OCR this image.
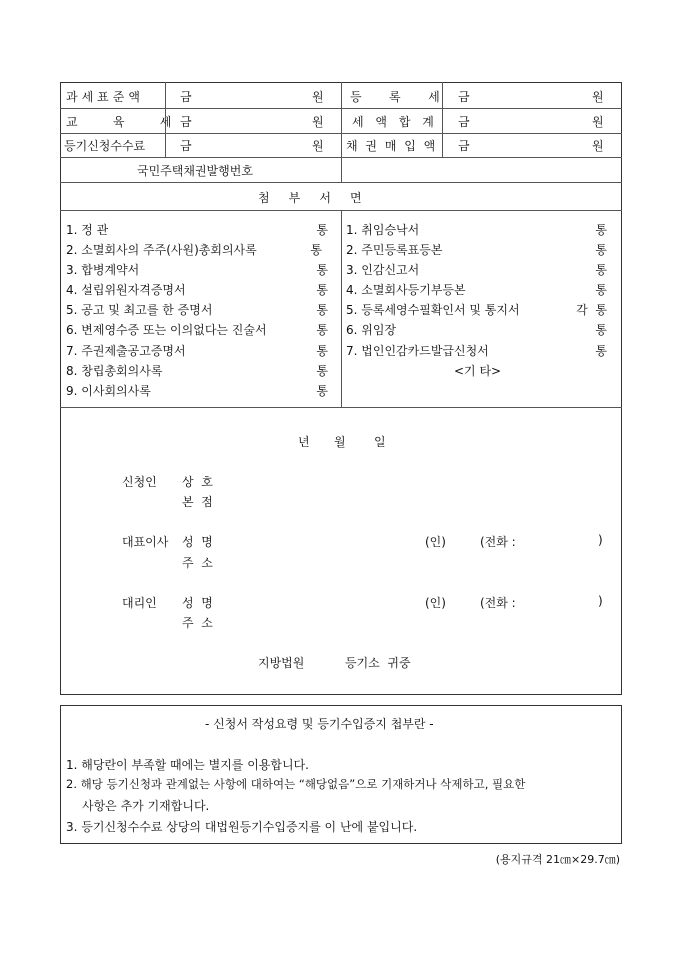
과세표준액	금	원 등   록   세 금	원
교    육    세 금	원 세 액 합 계 금	원
등기신청수수료	금	원 채 권 매 입 액 금	원
국민주택채권발행번호
첨     부     서     면
1. 정 관	통
2. 소멸회사의 주주(사원)총회의사록	통
3. 합병계약서	통
4. 설립위원자격증명서	통
5. 공고 및 최고를 한 증명서	통
6. 변제영수증 또는 이의없다는 진술서	통
7. 주권제출공고증명서	통
8. 창립총회의사록	통
9. 이사회의사록	통
1. 취임승낙서	통
2. 주민등록표등본	통
3. 인감신고서	통
4. 소멸회사등기부등본	통
5. 등록세영수필확인서 및 통지서	각  통
6. 위임장	통
7. 법인인감카드발급신청서	통
<기 타>
년 월 일
신청인 상  호
본  점
대표이사 성  명	(인)	(전화 :	)
주  소
대리인 성  명	(인)	(전화 :	)
주  소
지방법원	등기소  귀중
- 신청서 작성요령 및 등기수입증지 첩부란 -
1. 해당란이 부족할 때에는 별지를 이용합니다.
2. 해당 등기신청과 관계없는 사항에 대하여는 “해당없음”으로 기재하거나 삭제하고, 필요한
사항은 추가 기재합니다.
3. 등기신청수수료 상당의 대법원등기수입증지를 이 난에 붙입니다.
(용지규격 21㎝×29.7㎝)
